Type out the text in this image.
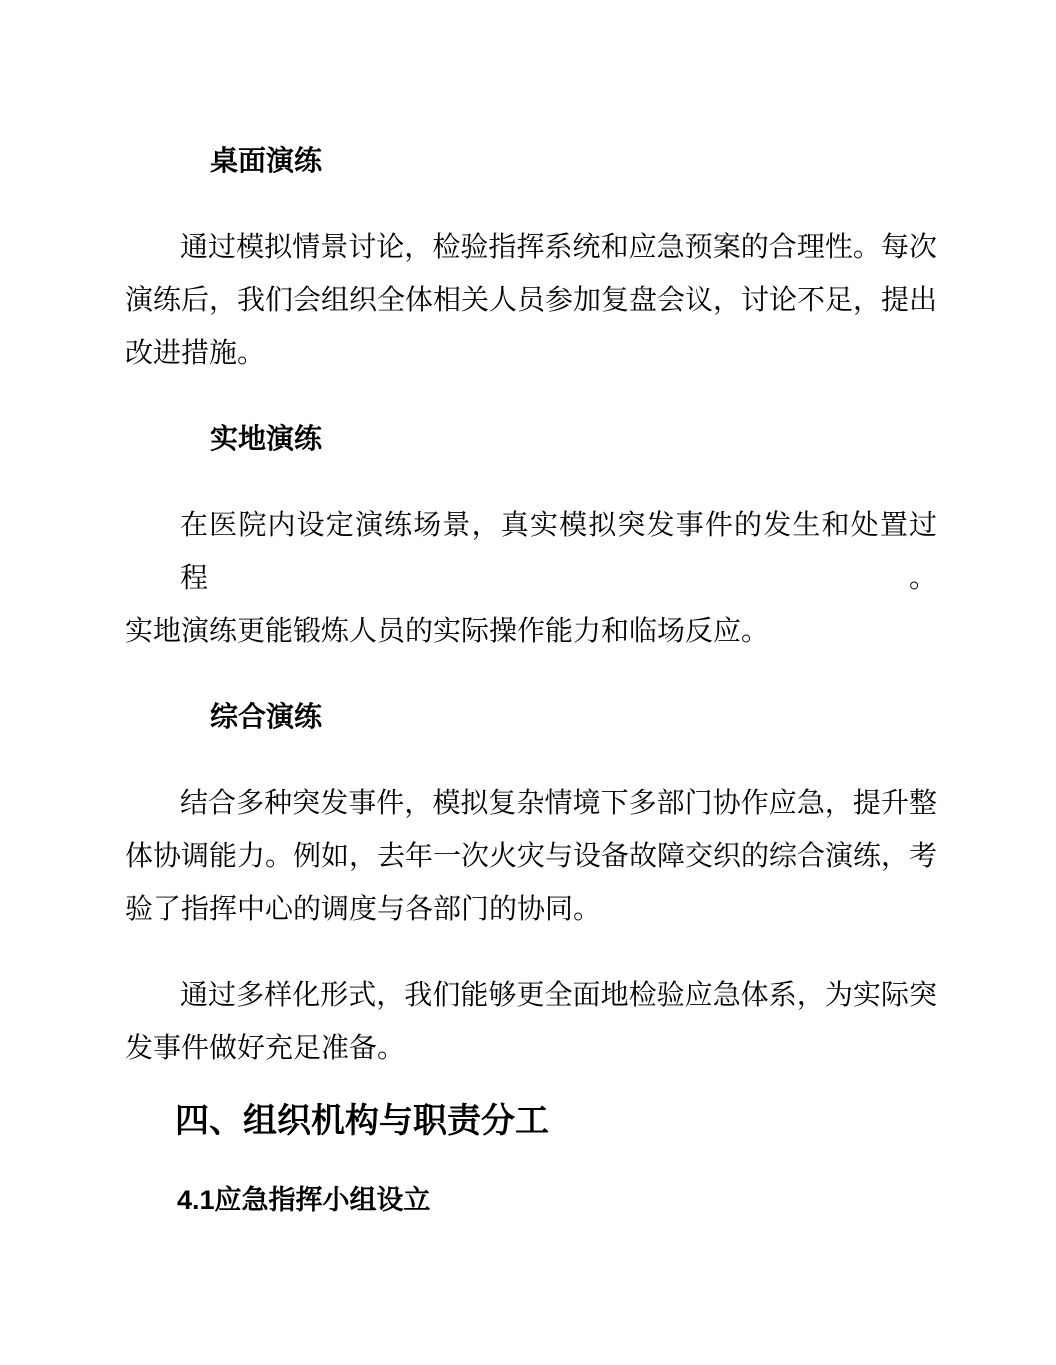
桌面演练

通过模拟情景讨论，检验指挥系统和应急预案的合理性。每次
演练后，我们会组织全体相关人员参加复盘会议，讨论不足，提出
改进措施。

实地演练

在医院内设定演练场景，真实模拟突发事件的发生和处置过程。
实地演练更能锻炼人员的实际操作能力和临场反应。

综合演练

结合多种突发事件，模拟复杂情境下多部门协作应急，提升整
体协调能力。例如，去年一次火灾与设备故障交织的综合演练，考
验了指挥中心的调度与各部门的协同。

通过多样化形式，我们能够更全面地检验应急体系，为实际突
发事件做好充足准备。

四、组织机构与职责分工
4.1应急指挥小组设立
